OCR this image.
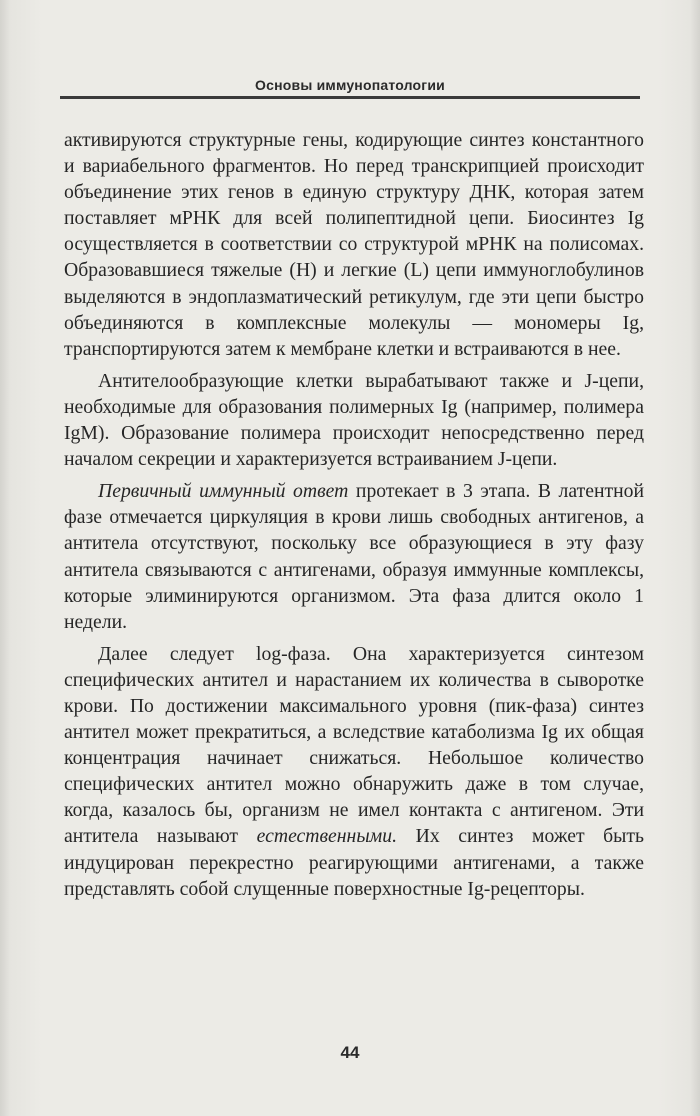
Основы иммунопатологии

активируются структурные гены, кодирующие синтез константного и вариабельного фрагментов. Но перед транскрипцией происходит объединение этих генов в единую структуру ДНК, которая затем поставляет мРНК для всей полипептидной цепи. Биосинтез Ig осуществляется в соответствии со структурой мРНК на полисомах. Образовавшиеся тяжелые (Н) и легкие (L) цепи иммуноглобулинов выделяются в эндоплазматический ретикулум, где эти цепи быстро объединяются в комплексные молекулы — мономеры Ig, транспортируются затем к мембране клетки и встраиваются в нее.

Антителообразующие клетки вырабатывают также и J-цепи, необходимые для образования полимерных Ig (например, полимера IgM). Образование полимера происходит непосредственно перед началом секреции и характеризуется встраиванием J-цепи.

Первичный иммунный ответ протекает в 3 этапа. В латентной фазе отмечается циркуляция в крови лишь свободных антигенов, а антитела отсутствуют, поскольку все образующиеся в эту фазу антитела связываются с антигенами, образуя иммунные комплексы, которые элиминируются организмом. Эта фаза длится около 1 недели.

Далее следует log-фаза. Она характеризуется синтезом специфических антител и нарастанием их количества в сыворотке крови. По достижении максимального уровня (пик-фаза) синтез антител может прекратиться, а вследствие катаболизма Ig их общая концентрация начинает снижаться. Небольшое количество специфических антител можно обнаружить даже в том случае, когда, казалось бы, организм не имел контакта с антигеном. Эти антитела называют естественными. Их синтез может быть индуцирован перекрестно реагирующими антигенами, а также представлять собой слущенные поверхностные Ig-рецепторы.

44
